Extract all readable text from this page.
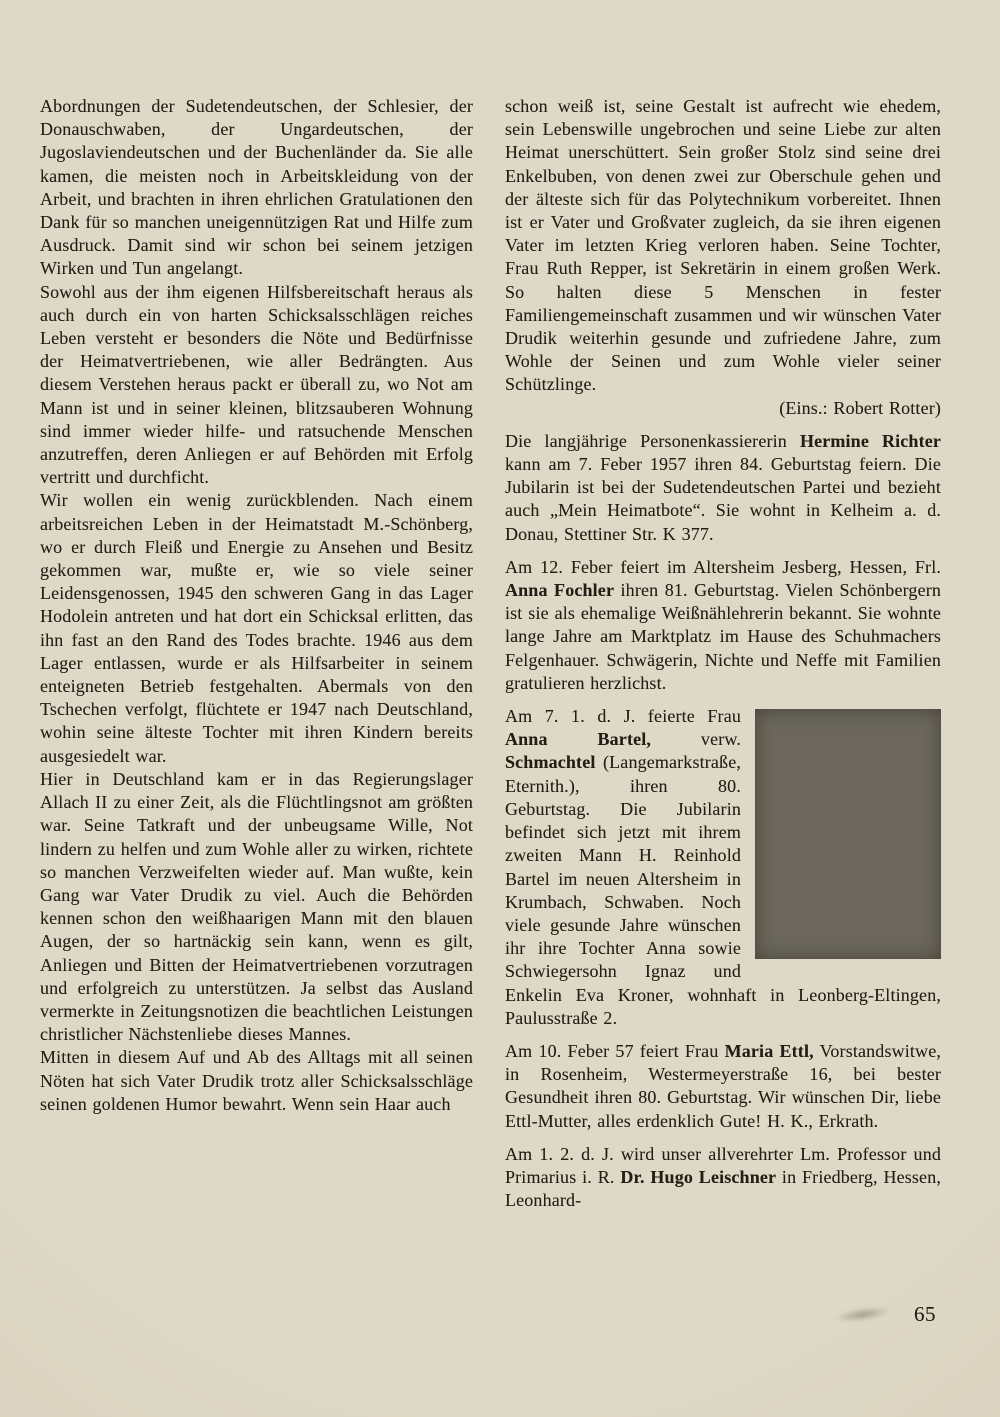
Abordnungen der Sudetendeutschen, der Schlesier, der Donauschwaben, der Ungardeutschen, der Jugoslaviendeutschen und der Buchenländer da. Sie alle kamen, die meisten noch in Arbeitskleidung von der Arbeit, und brachten in ihren ehrlichen Gratulationen den Dank für so manchen uneigennützigen Rat und Hilfe zum Ausdruck. Damit sind wir schon bei seinem jetzigen Wirken und Tun angelangt.

Sowohl aus der ihm eigenen Hilfsbereitschaft heraus als auch durch ein von harten Schicksalsschlägen reiches Leben versteht er besonders die Nöte und Bedürfnisse der Heimatvertriebenen, wie aller Bedrängten. Aus diesem Verstehen heraus packt er überall zu, wo Not am Mann ist und in seiner kleinen, blitzsauberen Wohnung sind immer wieder hilfe- und ratsuchende Menschen anzutreffen, deren Anliegen er auf Behörden mit Erfolg vertritt und durchficht.

Wir wollen ein wenig zurückblenden. Nach einem arbeitsreichen Leben in der Heimatstadt M.-Schönberg, wo er durch Fleiß und Energie zu Ansehen und Besitz gekommen war, mußte er, wie so viele seiner Leidensgenossen, 1945 den schweren Gang in das Lager Hodolein antreten und hat dort ein Schicksal erlitten, das ihn fast an den Rand des Todes brachte. 1946 aus dem Lager entlassen, wurde er als Hilfsarbeiter in seinem enteigneten Betrieb festgehalten. Abermals von den Tschechen verfolgt, flüchtete er 1947 nach Deutschland, wohin seine älteste Tochter mit ihren Kindern bereits ausgesiedelt war.

Hier in Deutschland kam er in das Regierungslager Allach II zu einer Zeit, als die Flüchtlingsnot am größten war. Seine Tatkraft und der unbeugsame Wille, Not lindern zu helfen und zum Wohle aller zu wirken, richtete so manchen Verzweifelten wieder auf. Man wußte, kein Gang war Vater Drudik zu viel. Auch die Behörden kennen schon den weißhaarigen Mann mit den blauen Augen, der so hartnäckig sein kann, wenn es gilt, Anliegen und Bitten der Heimatvertriebenen vorzutragen und erfolgreich zu unterstützen. Ja selbst das Ausland vermerkte in Zeitungsnotizen die beachtlichen Leistungen christlicher Nächstenliebe dieses Mannes.

Mitten in diesem Auf und Ab des Alltags mit all seinen Nöten hat sich Vater Drudik trotz aller Schicksalsschläge seinen goldenen Humor bewahrt. Wenn sein Haar auch

schon weiß ist, seine Gestalt ist aufrecht wie ehedem, sein Lebenswille ungebrochen und seine Liebe zur alten Heimat unerschüttert. Sein großer Stolz sind seine drei Enkelbuben, von denen zwei zur Oberschule gehen und der älteste sich für das Polytechnikum vorbereitet. Ihnen ist er Vater und Großvater zugleich, da sie ihren eigenen Vater im letzten Krieg verloren haben. Seine Tochter, Frau Ruth Repper, ist Sekretärin in einem großen Werk. So halten diese 5 Menschen in fester Familiengemeinschaft zusammen und wir wünschen Vater Drudik weiterhin gesunde und zufriedene Jahre, zum Wohle der Seinen und zum Wohle vieler seiner Schützlinge.

(Eins.: Robert Rotter)

Die langjährige Personenkassiererin Hermine Richter kann am 7. Feber 1957 ihren 84. Geburtstag feiern. Die Jubilarin ist bei der Sudetendeutschen Partei und bezieht auch „Mein Heimatbote“. Sie wohnt in Kelheim a. d. Donau, Stettiner Str. K 377.

Am 12. Feber feiert im Altersheim Jesberg, Hessen, Frl. Anna Fochler ihren 81. Geburtstag. Vielen Schönbergern ist sie als ehemalige Weißnählehrerin bekannt. Sie wohnte lange Jahre am Marktplatz im Hause des Schuhmachers Felgenhauer. Schwägerin, Nichte und Neffe mit Familien gratulieren herzlichst.

Am 7. 1. d. J. feierte Frau Anna Bartel, verw. Schmachtel (Langemarkstraße, Eternith.), ihren 80. Geburtstag. Die Jubilarin befindet sich jetzt mit ihrem zweiten Mann H. Reinhold Bartel im neuen Altersheim in Krumbach, Schwaben. Noch viele gesunde Jahre wünschen ihr ihre Tochter Anna sowie Schwiegersohn Ignaz und Enkelin Eva Kroner, wohnhaft in Leonberg-Eltingen, Paulusstraße 2.

Am 10. Feber 57 feiert Frau Maria Ettl, Vorstandswitwe, in Rosenheim, Westermeyerstraße 16, bei bester Gesundheit ihren 80. Geburtstag. Wir wünschen Dir, liebe Ettl-Mutter, alles erdenklich Gute! H. K., Erkrath.

Am 1. 2. d. J. wird unser allverehrter Lm. Professor und Primarius i. R. Dr. Hugo Leischner in Friedberg, Hessen, Leonhard-

65
